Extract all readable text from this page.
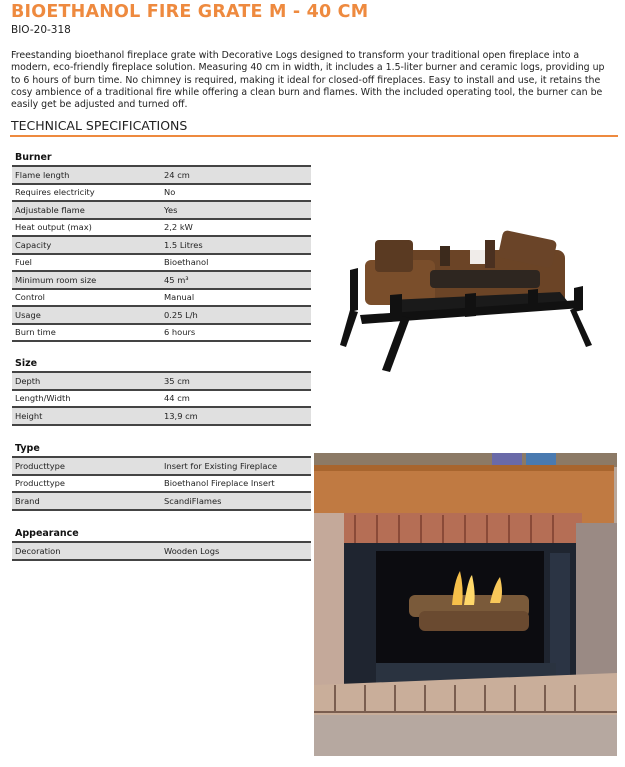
BIOETHANOL FIRE GRATE M - 40 CM
BIO-20-318
Freestanding bioethanol fireplace grate with Decorative Logs designed to transform your traditional open fireplace into a modern, eco-friendly fireplace solution. Measuring 40 cm in width, it includes a 1.5-liter burner and ceramic logs, providing up to 6 hours of burn time. No chimney is required, making it ideal for closed-off fireplaces. Easy to install and use, it retains the cosy ambience of a traditional fire while offering a clean burn and flames. With the included operating tool, the burner can be easily get be adjusted and turned off.
TECHNICAL SPECIFICATIONS
Burner
Flame length	24 cm
Requires electricity	No
Adjustable flame	Yes
Heat output (max)	2,2 kW
Capacity	1.5 Litres
Fuel	Bioethanol
Minimum room size	45 m³
Control	Manual
Usage	0.25 L/h
Burn time	6 hours
Size
Depth	35 cm
Length/Width	44 cm
Height	13,9 cm
Type
Producttype	Insert for Existing Fireplace
Producttype	Bioethanol Fireplace Insert
Brand	ScandiFlames
Appearance
Decoration	Wooden Logs
